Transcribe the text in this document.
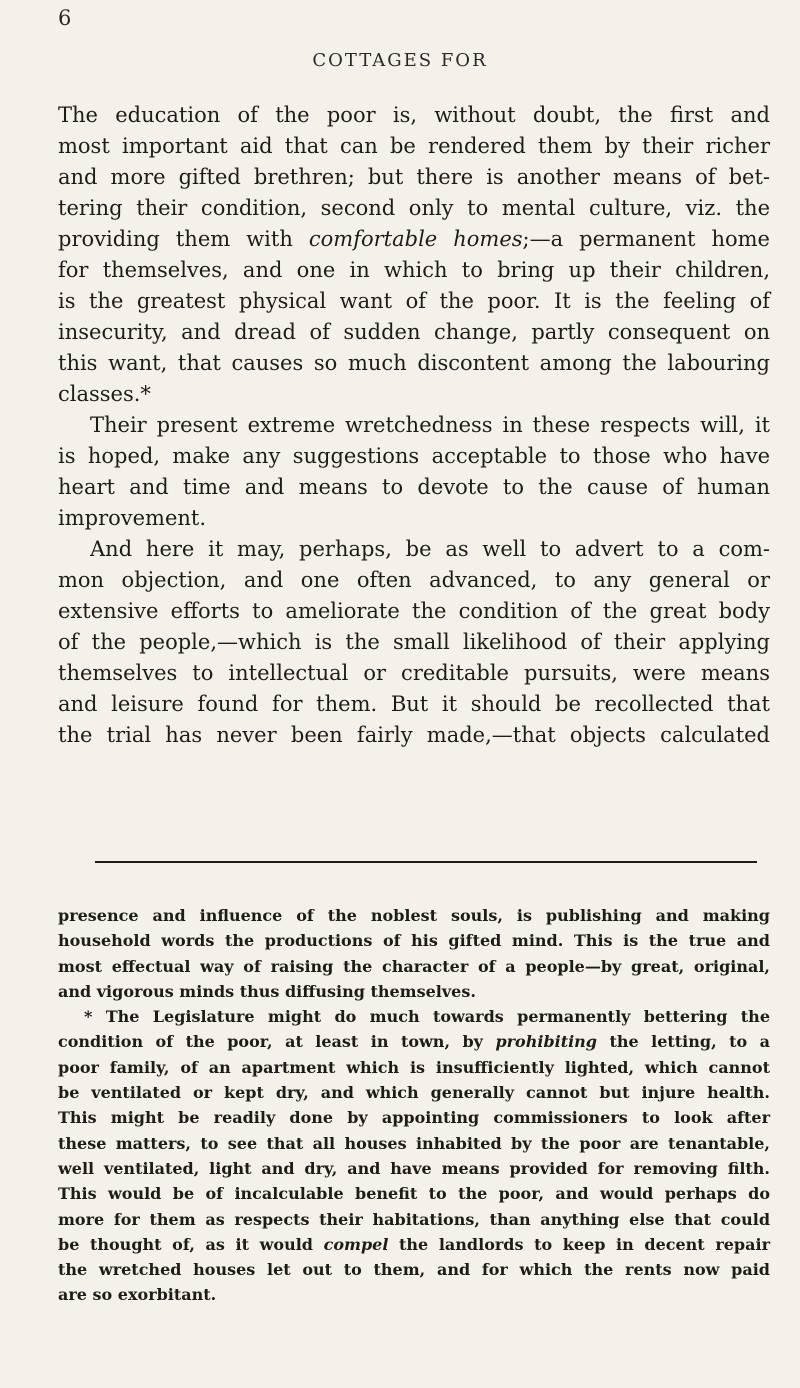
6
COTTAGES FOR
The education of the poor is, without doubt, the first and
most important aid that can be rendered them by their richer
and more gifted brethren; but there is another means of bet-
tering their condition, second only to mental culture, viz. the
providing them with comfortable homes;—a permanent home
for themselves, and one in which to bring up their children,
is the greatest physical want of the poor. It is the feeling of
insecurity, and dread of sudden change, partly consequent on
this want, that causes so much discontent among the labouring
classes.*
Their present extreme wretchedness in these respects will, it
is hoped, make any suggestions acceptable to those who have
heart and time and means to devote to the cause of human
improvement.
And here it may, perhaps, be as well to advert to a com-
mon objection, and one often advanced, to any general or
extensive efforts to ameliorate the condition of the great body
of the people,—which is the small likelihood of their applying
themselves to intellectual or creditable pursuits, were means
and leisure found for them. But it should be recollected that
the trial has never been fairly made,—that objects calculated
presence and influence of the noblest souls, is publishing and making
household words the productions of his gifted mind. This is the true and
most effectual way of raising the character of a people—by great, original,
and vigorous minds thus diffusing themselves.
* The Legislature might do much towards permanently bettering the
condition of the poor, at least in town, by prohibiting the letting, to a
poor family, of an apartment which is insufficiently lighted, which cannot
be ventilated or kept dry, and which generally cannot but injure health.
This might be readily done by appointing commissioners to look after
these matters, to see that all houses inhabited by the poor are tenantable,
well ventilated, light and dry, and have means provided for removing filth.
This would be of incalculable benefit to the poor, and would perhaps do
more for them as respects their habitations, than anything else that could
be thought of, as it would compel the landlords to keep in decent repair
the wretched houses let out to them, and for which the rents now paid
are so exorbitant.
